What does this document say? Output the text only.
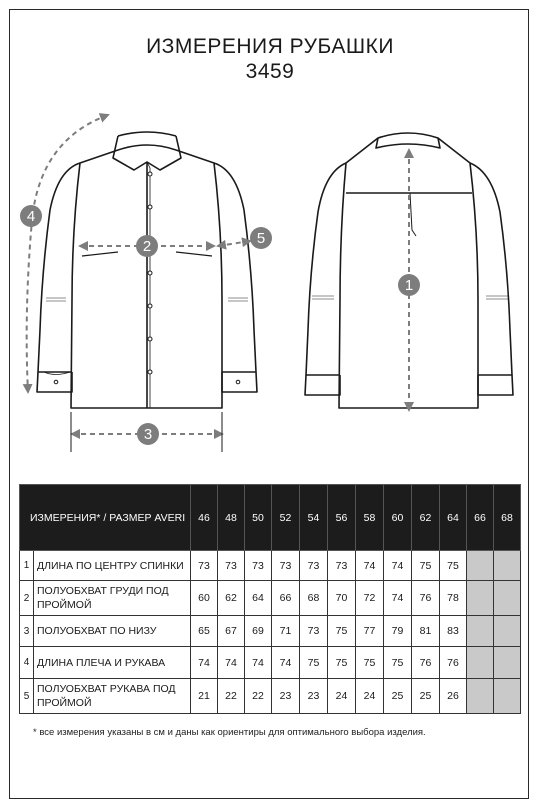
ИЗМЕРЕНИЯ РУБАШКИ
3459
1
2
3
4
5
ИЗМЕРЕНИЯ* / РАЗМЕР AVERI		46	48	50	52	54	56	58	60	62	64	66	68
1	ДЛИНА ПО ЦЕНТРУ СПИНКИ	73	73	73	73	73	73	74	74	75	75		
2	ПОЛУОБХВАТ ГРУДИ ПОД ПРОЙМОЙ	60	62	64	66	68	70	72	74	76	78		
3	ПОЛУОБХВАТ ПО НИЗУ	65	67	69	71	73	75	77	79	81	83		
4	ДЛИНА ПЛЕЧА И РУКАВА	74	74	74	74	75	75	75	75	76	76		
5	ПОЛУОБХВАТ РУКАВА ПОД ПРОЙМОЙ	21	22	22	23	23	24	24	25	25	26		
* все измерения указаны в см и даны как ориентиры для оптимального выбора изделия.
